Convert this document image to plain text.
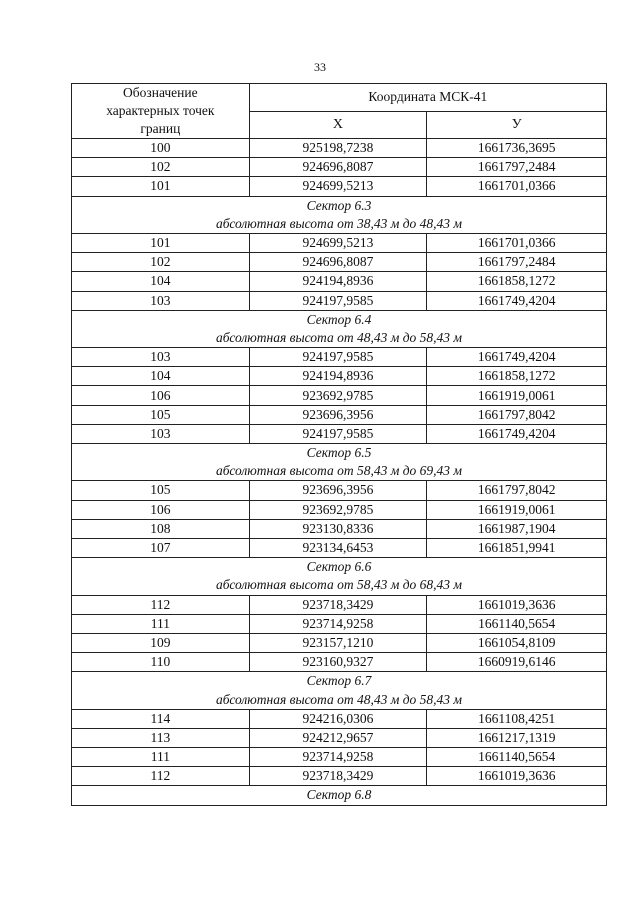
33
Обозначение
характерных точек
границ	Координата МСК-41	
	Х	У
100	925198,7238	1661736,3695
102	924696,8087	1661797,2484
101	924699,5213	1661701,0366
Сектор 6.3		
абсолютная высота от 38,43 м до 48,43 м		
101	924699,5213	1661701,0366
102	924696,8087	1661797,2484
104	924194,8936	1661858,1272
103	924197,9585	1661749,4204
Сектор 6.4		
абсолютная высота от 48,43 м до 58,43 м		
103	924197,9585	1661749,4204
104	924194,8936	1661858,1272
106	923692,9785	1661919,0061
105	923696,3956	1661797,8042
103	924197,9585	1661749,4204
Сектор 6.5		
абсолютная высота от 58,43 м до 69,43 м		
105	923696,3956	1661797,8042
106	923692,9785	1661919,0061
108	923130,8336	1661987,1904
107	923134,6453	1661851,9941
Сектор 6.6		
абсолютная высота от 58,43 м до 68,43 м		
112	923718,3429	1661019,3636
111	923714,9258	1661140,5654
109	923157,1210	1661054,8109
110	923160,9327	1660919,6146
Сектор 6.7		
абсолютная высота от 48,43 м до 58,43 м		
114	924216,0306	1661108,4251
113	924212,9657	1661217,1319
111	923714,9258	1661140,5654
112	923718,3429	1661019,3636
Сектор 6.8		
